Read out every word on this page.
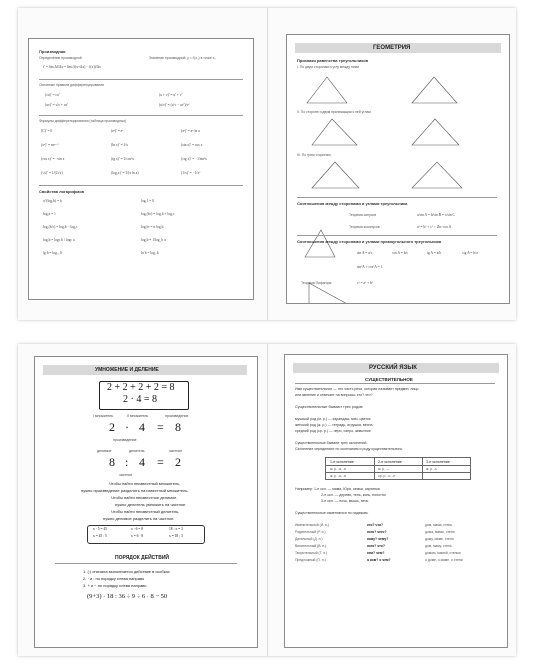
Производная
Определение производной	Значение производной: y = f′(x₀) в точке x₀
f′ = lim Δf/Δx = lim (f(x+Δx) − f(x))/Δx
Основные правила дифференцирования
(cu)′ = cu′	(u + v)′ = u′ + v′
(uv)′ = u′v + uv′	(u/v)′ = (u′v − uv′)/v²
Формулы дифференцирования (таблица производных)
(C)′ = 0	(eˣ)′ = eˣ	(aˣ)′ = aˣ·ln a
(xⁿ)′ = nxⁿ⁻¹	(ln x)′ = 1/x	(sin x)′ = cos x
(cos x)′ = −sin x	(tg x)′ = 1/cos²x	(ctg x)′ = −1/sin²x
(√x)′ = 1/(2√x)	(logₐx)′ = 1/(x ln a)	(1/x)′ = −1/x²
Свойства логарифмов
a^(logₐb) = b	logₐ1 = 0
logₐa = 1	logₐ(bc) = logₐb + logₐc
logₐ(b/c) = logₐb − logₐc	logₐbⁿ = n logₐb
logₐb = logc b / logc a	logₐb = 1/log_b a
lg b = log₁₀ b	ln b = logₑ b
ГЕОМЕТРИЯ
Признаки равенства треугольников
I. По двум сторонам и углу между ними
II. По стороне и двум прилежащим к ней углам
III. По трем сторонам
Соотношения между сторонами и углами треугольника
Теорема синусов	a/sin A = b/sin B = c/sin C
Теорема косинусов	a² = b² + c² − 2bc·cos A
Соотношения между сторонами и углами прямоугольного треугольника
sin A = a/c	cos A = b/c	tg A = a/b	ctg A = b/a
sin²A + cos²A = 1
Теорема Пифагора	c² = a² + b²
УМНОЖЕНИЕ И ДЕЛЕНИЕ
2 + 2 + 2 + 2 = 8
2 · 4 = 8
I множитель	II множитель	произведение
2 · 4 = 8
произведение
делимое	делитель	частное
8 : 4 = 2
частное
Чтобы найти неизвестный множитель,
нужно произведение разделить на известный множитель.
Чтобы найти неизвестное делимое,
нужно делитель умножить на частное.
Чтобы найти неизвестный делитель,
нужно делимое разделить на частное.
x · 5 = 45
x = 45 : 5
x : 6 = 8
x = 6 · 8
18 : x = 3
x = 18 : 3
ПОРЯДОК ДЕЙСТВИЙ
1. (:) сначала выполняется действие в скобках
2. · и : по порядку слева направо
3. + и − по порядку слева направо
(9+3) · 18 : 36 ÷ 9 ÷ 6 · 8 − 50
РУССКИЙ ЯЗЫК
СУЩЕСТВИТЕЛЬНОЕ
Имя существительное — это часть речи, которая называет предмет, лицо
или явление и отвечает на вопросы: кто? что?
Существительные бывают трех родов:
мужской род (м. р.) — карандаш, мяч, цветок
женский род (ж. р.) — тетрадь, игрушка, весна
средний род (ср. р.) — перо, озеро, животное
Существительные бывают трех склонений.
Склонение определяют по окончанию и роду существительного.
1-е склонение	2-е склонение	3-е склонение
м. р. -а, -я	м. р. —	ж. р. -ь
ж. р. -а, -я	ср. р. -о, -е
Например: 1-е скл. — мама, Юра, семья, картинка
2-е скл. — дерево, тень, конь, полотно
3-е скл. — ночь, мышь, печь
Существительные изменяются по падежам.
Именительный (И. п.)	кто? что?	дом, мама, степь
Родительный (Р. п.)	кого? чего?	дома, мамы, степи
Дательный (Д. п.)	кому? чему?	дому, маме, степи
Винительный (В. п.)	кого? что?	дом, маму, степь
Творительный (Т. п.)	кем? чем?	домом, мамой, степью
Предложный (П. п.)	о ком? о чем?	о доме, о маме, о степи
